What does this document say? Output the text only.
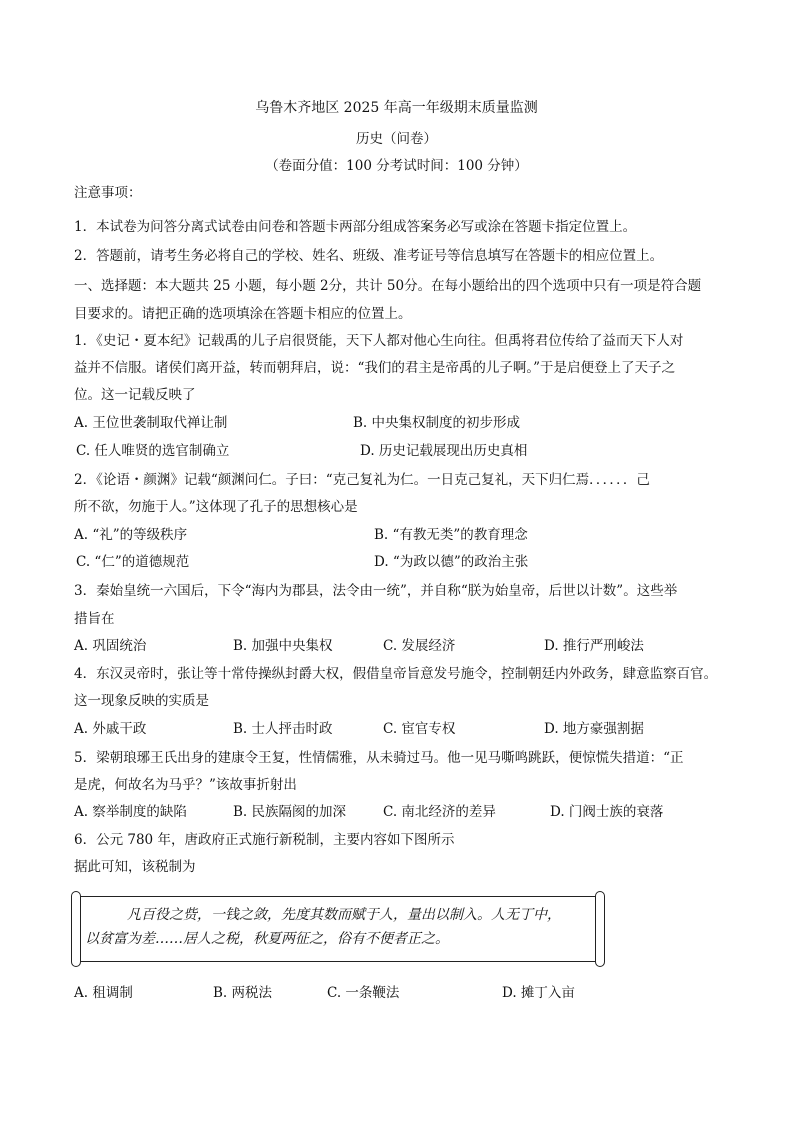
乌鲁木齐地区 2025 年高一年级期末质量监测
历史（问卷）
（卷面分值：100 分考试时间：100 分钟）
注意事项：
1．本试卷为问答分离式试卷由问卷和答题卡两部分组成答案务必写或涂在答题卡指定位置上。
2．答题前，请考生务必将自己的学校、姓名、班级、准考证号等信息填写在答题卡的相应位置上。
一、选择题：本大题共 25 小题，每小题 2分，共计 50分。在每小题给出的四个选项中只有一项是符合题
目要求的。请把正确的选项填涂在答题卡相应的位置上。
1．《史记・夏本纪》记载禹的儿子启很贤能，天下人都对他心生向往。但禹将君位传给了益而天下人对
益并不信服。诸侯们离开益，转而朝拜启，说：“我们的君主是帝禹的儿子啊。”于是启便登上了天子之
位。这一记载反映了
A. 王位世袭制取代禅让制	B. 中央集权制度的初步形成
C. 任人唯贤的选官制确立	D. 历史记载展现出历史真相
2．《论语・颜渊》记载“颜渊问仁。子曰：“克己复礼为仁。一日克己复礼，天下归仁焉．．．．．．己
所不欲，勿施于人。”这体现了孔子的思想核心是
A. “礼”的等级秩序	B. “有教无类”的教育理念
C. “仁”的道德规范	D. “为政以德”的政治主张
3．秦始皇统一六国后，下令“海内为郡县，法令由一统”，并自称“朕为始皇帝，后世以计数”。这些举
措旨在
A. 巩固统治	B. 加强中央集权	C. 发展经济	D. 推行严刑峻法
4．东汉灵帝时，张让等十常侍操纵封爵大权，假借皇帝旨意发号施令，控制朝廷内外政务，肆意监察百官。
这一现象反映的实质是
A. 外戚干政	B. 士人抨击时政	C. 宦官专权	D. 地方豪强割据
5．梁朝琅琊王氏出身的建康令王复，性情儒雅，从未骑过马。他一见马嘶鸣跳跃，便惊慌失措道：“正
是虎，何故名为马乎？”该故事折射出
A. 察举制度的缺陷	B. 民族隔阂的加深	C. 南北经济的差异	D. 门阀士族的衰落
6．公元 780 年，唐政府正式施行新税制，主要内容如下图所示
据此可知，该税制为
凡百役之赀，一钱之敛，先度其数而赋于人，量出以制入。人无丁中，
以贫富为差……居人之税，秋夏两征之，俗有不便者正之。
A. 租调制	B. 两税法	C. 一条鞭法	D. 摊丁入亩
